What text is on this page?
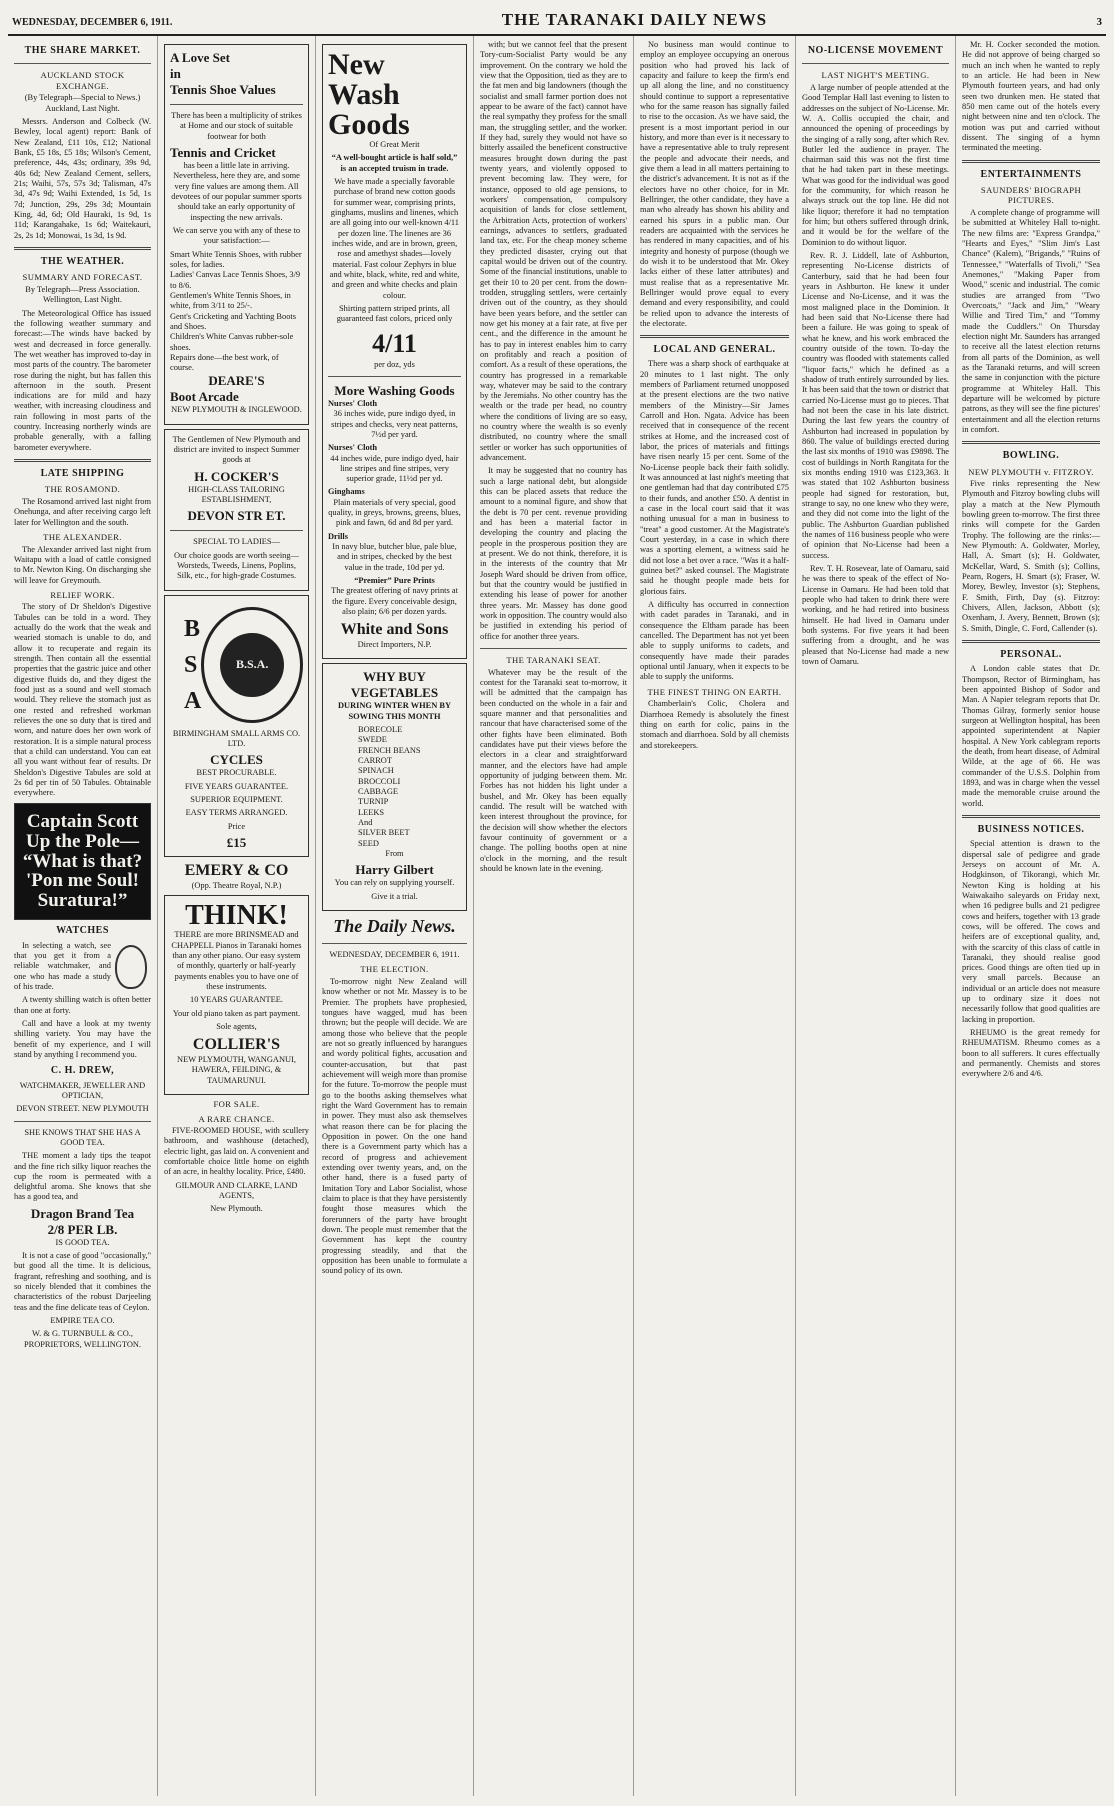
WEDNESDAY, DECEMBER 6, 1911.	THE TARANAKI DAILY NEWS	3
THE SHARE MARKET.
AUCKLAND STOCK EXCHANGE.

(By Telegraph—Special to News.) Auckland, Last Night.

Messrs. Anderson and Colbeck (W. Bewley, local agent) report: Bank of New Zealand, £11 10s, £12; National Bank, £5 18s, £5 18s; Wilson's Cement, preference, 44s, 43s; ordinary, 39s 9d, 40s 6d; New Zealand Cement, sellers, 21s; Waihi, 57s, 57s 3d; Talisman, 47s 3d, 47s 9d; Waihi Extended, 1s 5d, 1s 7d; Junction, 29s, 29s 3d; Mountain King, 4d, 6d; Old Hauraki, 1s 9d, 1s 11d; Karangahake, 1s 6d; Waitekauri, 2s, 2s 1d; Monowai, 1s 3d, 1s 9d.

THE WEATHER.
SUMMARY AND FORECAST.

By Telegraph—Press Association. Wellington, Last Night.

The Meteorological Office has issued the following weather summary and forecast:—The winds have backed by west and decreased in force generally. The wet weather has improved to-day in most parts of the country. The barometer rose during the night, but has fallen this afternoon in the south. Present indications are for mild and hazy weather, with increasing cloudiness and rain following in most parts of the country. Increasing northerly winds are probable generally, with a falling barometer everywhere.

LATE SHIPPING
THE ROSAMOND.

The Rosamond arrived last night from Onehunga, and after receiving cargo left later for Wellington and the south.

THE ALEXANDER.

The Alexander arrived last night from Waitapu with a load of cattle consigned to Mr. Newton King. On discharging she will leave for Greymouth.

RELIEF WORK.

The story of Dr Sheldon's Digestive Tabules can be told in a word. They actually do the work that the weak and wearied stomach is unable to do, and allow it to recuperate and regain its strength. Then contain all the essential properties that the gastric juice and other digestive fluids do, and they digest the food just as a sound and well stomach would. They relieve the stomach just as one rested and refreshed workman relieves the one so duty that is tired and worn, and nature does her own work of restoration. It is a simple natural process that a child can understand. You can eat all you want without fear of results. Dr Sheldon's Digestive Tabules are sold at 2s 6d per tin of 50 Tabules. Obtainable everywhere.

Captain Scott
Up the Pole—
“What is that?
'Pon me Soul!
Suratura!”
WATCHES

In selecting a watch, see that you get it from a reliable watchmaker, and one who has made a study of his trade.

A twenty shilling watch is often better than one at forty.

Call and have a look at my twenty shilling variety. You may have the benefit of my experience, and I will stand by anything I recommend you.

C. H. DREW,

WATCHMAKER, JEWELLER AND OPTICIAN,

DEVON STREET. NEW PLYMOUTH

SHE KNOWS THAT SHE HAS A GOOD TEA.

THE moment a lady tips the teapot and the fine rich silky liquor reaches the cup the room is permeated with a delightful aroma. She knows that she has a good tea, and

Dragon Brand Tea
2/8 PER LB.

IS GOOD TEA.

It is not a case of good "occasionally," but good all the time. It is delicious, fragrant, refreshing and soothing, and is so nicely blended that it combines the characteristics of the robust Darjeeling teas and the fine delicate teas of Ceylon.

EMPIRE TEA CO.

W. & G. TURNBULL & CO., PROPRIETORS, WELLINGTON.

A Love Set
in
Tennis Shoe Values

There has been a multiplicity of strikes at Home and our stock of suitable footwear for both

Tennis and Cricket

has been a little late in arriving. Nevertheless, here they are, and some very fine values are among them. All devotees of our popular summer sports should take an early opportunity of inspecting the new arrivals.

We can serve you with any of these to your satisfaction:—

Smart White Tennis Shoes, with rubber soles, for ladies.

Ladies' Canvas Lace Tennis Shoes, 3/9 to 8/6.

Gentlemen's White Tennis Shoes, in white, from 3/11 to 25/-.

Gent's Cricketing and Yachting Boots and Shoes.

Children's White Canvas rubber-sole shoes.

Repairs done—the best work, of course.

DEARE'S
Boot Arcade

NEW PLYMOUTH & INGLEWOOD.

The Gentlemen of New Plymouth and district are invited to inspect Summer goods at

H. COCKER'S

HIGH-CLASS TAILORING ESTABLISHMENT,

DEVON STR ET.

SPECIAL TO LADIES—

Our choice goods are worth seeing—Worsteds, Tweeds, Linens, Poplins, Silk, etc., for high-grade Costumes.

B
S
A
B.S.A.

BIRMINGHAM SMALL ARMS CO. LTD.

CYCLES

BEST PROCURABLE.

FIVE YEARS GUARANTEE.

SUPERIOR EQUIPMENT.

EASY TERMS ARRANGED.

Price

£15
EMERY & CO

(Opp. Theatre Royal, N.P.)

THINK!

THERE are more BRINSMEAD and CHAPPELL Pianos in Taranaki homes than any other piano. Our easy system of monthly, quarterly or half-yearly payments enables you to have one of these instruments.

10 YEARS GUARANTEE.

Your old piano taken as part payment.

Sole agents,

COLLIER'S

NEW PLYMOUTH, WANGANUI, HAWERA, FEILDING, & TAUMARUNUI.

FOR SALE.
A RARE CHANCE.

FIVE-ROOMED HOUSE, with scullery bathroom, and washhouse (detached), electric light, gas laid on. A convenient and comfortable choice little home on eighth of an acre, in healthy locality. Price, £480.

GILMOUR AND CLARKE, LAND AGENTS,

New Plymouth.

New
Wash
Goods

Of Great Merit

“A well-bought article is half sold,” is an accepted truism in trade.

We have made a specially favorable purchase of brand new cotton goods for summer wear, comprising prints, ginghams, muslins and linenes, which are all going into our well-known 4/11 per dozen line. The linenes are 36 inches wide, and are in brown, green, rose and amethyst shades—lovely material. Fast colour Zephyrs in blue and white, black, white, red and white, and green and white checks and plain colour.

Shirting pattern striped prints, all guaranteed fast colors, priced only

4/11

per doz, yds

More Washing Goods
Nurses' Cloth

36 inches wide, pure indigo dyed, in stripes and checks, very neat patterns, 7½d per yard.

Nurses' Cloth

44 inches wide, pure indigo dyed, hair line stripes and fine stripes, very superior grade, 11½d per yd.

Ginghams

Plain materials of very special, good quality, in greys, browns, greens, blues, pink and fawn, 6d and 8d per yard.

Drills

In navy blue, butcher blue, pale blue, and in stripes, checked by the best value in the trade, 10d per yd.

“Premier” Pure Prints

The greatest offering of navy prints at the figure. Every conceivable design, also plain; 6/6 per dozen yards.

White and Sons

Direct Importers, N.P.

WHY BUY VEGETABLES

DURING WINTER WHEN BY SOWING THIS MONTH

BORECOLE

SWEDE

FRENCH BEANS

CARROT

SPINACH

BROCCOLI

CABBAGE

TURNIP

LEEKS

And

SILVER BEET

SEED

From

Harry Gilbert

You can rely on supplying yourself.

Give it a trial.

The Daily News.

WEDNESDAY, DECEMBER 6, 1911.

THE ELECTION.

To-morrow night New Zealand will know whether or not Mr. Massey is to be Premier. The prophets have prophesied, tongues have wagged, mud has been thrown; but the people will decide. We are among those who believe that the people are not so greatly influenced by harangues and wordy political fights, accusation and counter-accusation, but that past achievement will weigh more than promise for the future. To-morrow the people must go to the booths asking themselves what right the Ward Government has to remain in power. They must also ask themselves what reason there can be for placing the Opposition in power. On the one hand there is a Government party which has a record of progress and achievement extending over twenty years, and, on the other hand, there is a fused party of Imitation Tory and Labor Socialist, whose claim to place is that they have persistently fought those measures which the forerunners of the party have brought down. The people must remember that the Government has kept the country progressing steadily, and that the opposition has been unable to formulate a sound policy of its own.

with; but we cannot feel that the present Tory-cum-Socialist Party would be any improvement. On the contrary we hold the view that the Opposition, tied as they are to the fat men and big landowners (though the socialist and small farmer portion does not appear to be aware of the fact) cannot have the real sympathy they profess for the small man, the struggling settler, and the worker. If they had, surely they would not have so bitterly assailed the beneficent constructive measures brought down during the past twenty years, and violently opposed to prevent becoming law. They were, for instance, opposed to old age pensions, to workers' compensation, compulsory acquisition of lands for close settlement, the Arbitration Acts, protection of workers' earnings, advances to settlers, graduated land tax, etc. For the cheap money scheme they predicted disaster, crying out that capital would be driven out of the country. Some of the financial institutions, unable to get their 10 to 20 per cent. from the down-trodden, struggling settlers, were certainly driven out of the country, as they should have been years before, and the settler can now get his money at a fair rate, at five per cent., and the difference in the amount he has to pay in interest enables him to carry on profitably and reach a position of comfort. As a result of these operations, the country has progressed in a remarkable way, whatever may be said to the contrary by the Jeremiahs. No other country has the wealth or the trade per head, no country where the conditions of living are so easy, no country where the wealth is so evenly distributed, no country where the small settler or worker has such opportunities of advancement.

It may be suggested that no country has such a large national debt, but alongside this can be placed assets that reduce the amount to a nominal figure, and show that the debt is 70 per cent. revenue providing and has been a material factor in developing the country and placing the people in the prosperous position they are at present. We do not think, therefore, it is in the interests of the country that Mr Joseph Ward should be driven from office, but that the country would be justified in extending his lease of power for another three years. Mr. Massey has done good work in opposition. The country would also be justified in extending his period of office for another three years.

THE TARANAKI SEAT.

Whatever may be the result of the contest for the Taranaki seat to-morrow, it will be admitted that the campaign has been conducted on the whole in a fair and square manner and that personalities and rancour that have characterised some of the other fights have been eliminated. Both candidates have put their views before the electors in a clear and straightforward manner, and the electors have had ample opportunity of judging between them. Mr. Forbes has not hidden his light under a bushel, and Mr. Okey has been equally candid. The result will be watched with keen interest throughout the province, for the decision will show whether the electors favour continuity of government or a change. The polling booths open at nine o'clock in the morning, and the result should be known late in the evening.

No business man would continue to employ an employee occupying an onerous position who had proved his lack of capacity and failure to keep the firm's end up all along the line, and no constituency should continue to support a representative who for the same reason has signally failed to rise to the occasion. As we have said, the present is a most important period in our history, and more than ever is it necessary to have a representative able to truly represent the people and advocate their needs, and give them a lead in all matters pertaining to the district's advancement. It is not as if the electors have no other choice, for in Mr. Bellringer, the other candidate, they have a man who already has shown his ability and earned his spurs in a public man. Our readers are acquainted with the services he has rendered in many capacities, and of his integrity and honesty of purpose (though we do wish it to be understood that Mr. Okey lacks either of these latter attributes) and must realise that as a representative Mr. Bellringer would prove equal to every demand and every responsibility, and could be relied upon to advance the interests of the electorate.

LOCAL AND GENERAL.

There was a sharp shock of earthquake at 20 minutes to 1 last night. The only members of Parliament returned unopposed at the present elections are the two native members of the Ministry—Sir James Carroll and Hon. Ngata. Advice has been received that in consequence of the recent strikes at Home, and the increased cost of labor, the prices of materials and fittings have risen nearly 15 per cent. Some of the No-License people back their faith solidly. It was announced at last night's meeting that one gentleman had that day contributed £75 to their funds, and another £50. A dentist in a case in the local court said that it was nothing unusual for a man in business to "treat" a good customer. At the Magistrate's Court yesterday, in a case in which there was a sporting element, a witness said he did not lose a bet over a race. "Was it a half-guinea bet?" asked counsel. The Magistrate said he thought people made bets for glorious fairs.

A difficulty has occurred in connection with cadet parades in Taranaki, and in consequence the Eltham parade has been cancelled. The Department has not yet been able to supply uniforms to cadets, and consequently have made their parades optional until January, when it expects to be able to supply the uniforms.

THE FINEST THING ON EARTH.

Chamberlain's Colic, Cholera and Diarrhoea Remedy is absolutely the finest thing on earth for colic, pains in the stomach and diarrhoea. Sold by all chemists and storekeepers.

NO-LICENSE MOVEMENT
LAST NIGHT'S MEETING.

A large number of people attended at the Good Templar Hall last evening to listen to addresses on the subject of No-License. Mr. W. A. Collis occupied the chair, and announced the opening of proceedings by the singing of a rally song, after which Rev. Butler led the audience in prayer. The chairman said this was not the first time that he had taken part in these meetings. What was good for the individual was good for the community, for which reason he always struck out the top line. He did not like liquor; therefore it had no temptation for him; but others suffered through drink, and it would be for the welfare of the Dominion to do without liquor.

Rev. R. J. Liddell, late of Ashburton, representing No-License districts of Canterbury, said that he had been four years in Ashburton. He knew it under License and No-License, and it was the most maligned place in the Dominion. It had been said that No-License there had been a failure. He was going to speak of what he knew, and his work embraced the country outside of the town. To-day the country was flooded with statements called "liquor facts," which he defined as a shadow of truth entirely surrounded by lies. It has been said that the town or district that carried No-License must go to pieces. That had not been the case in his late district. During the last few years the country of Ashburton had increased in population by 860. The value of buildings erected during the last six months of 1910 was £9898. The cost of buildings in North Rangitata for the six months ending 1910 was £123,363. It was stated that 102 Ashburton business people had signed for restoration, but, strange to say, no one knew who they were, and they did not come into the light of the public. The Ashburton Guardian published the names of 116 business people who were of opinion that No-License had been a success.

Rev. T. H. Rosevear, late of Oamaru, said he was there to speak of the effect of No-License in Oamaru. He had been told that people who had taken to drink there were working, and he had retired into business himself. He had lived in Oamaru under both systems. For five years it had been suffering from a drought, and he was pleased that No-License had made a new town of Oamaru.

Mr. H. Cocker seconded the motion. He did not approve of being charged so much an inch when he wanted to reply to an article. He had been in New Plymouth fourteen years, and had only seen two drunken men. He stated that 850 men came out of the hotels every night between nine and ten o'clock. The motion was put and carried without dissent. The singing of a hymn terminated the meeting.

ENTERTAINMENTS
SAUNDERS' BIOGRAPH PICTURES.

A complete change of programme will be submitted at Whiteley Hall to-night. The new films are: "Express Grandpa," "Hearts and Eyes," "Slim Jim's Last Chance" (Kalem), "Brigands," "Ruins of Tennessee," "Waterfalls of Tivoli," "Sea Anemones," "Making Paper from Wood," scenic and industrial. The comic studies are arranged from "Two Overcoats," "Jack and Jim," "Weary Willie and Tired Tim," and "Tommy made the Cuddlers." On Thursday election night Mr. Saunders has arranged to receive all the latest election returns from all parts of the Dominion, as well as the Taranaki returns, and will screen the same in conjunction with the picture programme at Whiteley Hall. This departure will be welcomed by picture patrons, as they will see the fine pictures' entertainment and all the election returns in comfort.

BOWLING.
NEW PLYMOUTH v. FITZROY.

Five rinks representing the New Plymouth and Fitzroy bowling clubs will play a match at the New Plymouth bowling green to-morrow. The first three rinks will compete for the Garden Trophy. The following are the rinks:—New Plymouth: A. Goldwater, Morley, Hall, A. Smart (s); H. Goldwater, McKellar, Ward, S. Smith (s); Collins, Pearn, Rogers, H. Smart (s); Fraser, W. Morey, Bewley, Investor (s); Stephens, F. Smith, Firth, Day (s). Fitzroy: Chivers, Allen, Jackson, Abbott (s); Oxenham, J. Avery, Bennett, Brown (s); S. Smith, Dingle, C. Ford, Callender (s).

PERSONAL.

A London cable states that Dr. Thompson, Rector of Birmingham, has been appointed Bishop of Sodor and Man. A Napier telegram reports that Dr. Thomas Gilray, formerly senior house surgeon at Wellington hospital, has been appointed superintendent at Napier hospital. A New York cablegram reports the death, from heart disease, of Admiral Wilde, at the age of 66. He was commander of the U.S.S. Dolphin from 1893, and was in charge when the vessel made the memorable cruise around the world.

BUSINESS NOTICES.

Special attention is drawn to the dispersal sale of pedigree and grade Jerseys on account of Mr. A. Hodgkinson, of Tikorangi, which Mr. Newton King is holding at his Waiwakaiho saleyards on Friday next, when 16 pedigree bulls and 21 pedigree cows and heifers, together with 13 grade cows, will be offered. The cows and heifers are of exceptional quality, and, with the scarcity of this class of cattle in Taranaki, they should realise good prices. Good things are often tied up in very small parcels. Because an individual or an article does not measure up to ordinary size it does not necessarily follow that good qualities are lacking in proportion.

RHEUMO is the great remedy for RHEUMATISM. Rheumo comes as a boon to all sufferers. It cures effectually and permanently. Chemists and stores everywhere 2/6 and 4/6.
